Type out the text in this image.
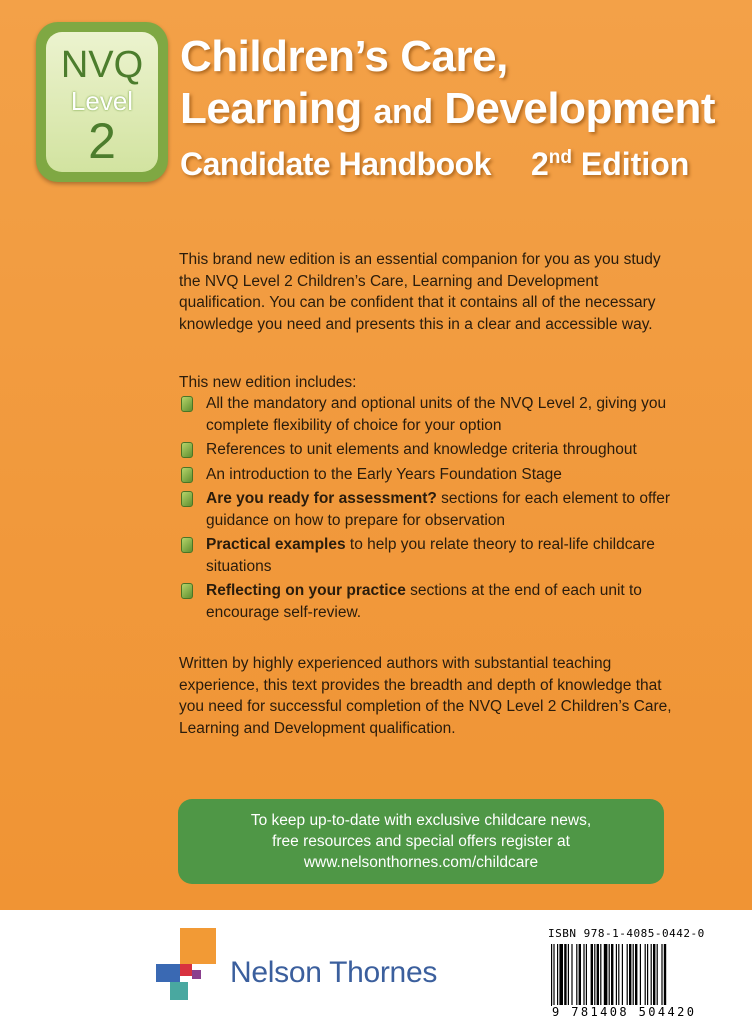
NVQ
Level
2
Children’s Care,
Learning and Development
Candidate Handbook 2nd Edition
This brand new edition is an essential companion for you as you study the NVQ Level 2 Children’s Care, Learning and Development qualification. You can be confident that it contains all of the necessary knowledge you need and presents this in a clear and accessible way.
This new edition includes:
All the mandatory and optional units of the NVQ Level 2, giving you complete flexibility of choice for your option
References to unit elements and knowledge criteria throughout
An introduction to the Early Years Foundation Stage
Are you ready for assessment? sections for each element to offer guidance on how to prepare for observation
Practical examples to help you relate theory to real-life childcare situations
Reflecting on your practice sections at the end of each unit to encourage self-review.
Written by highly experienced authors with substantial teaching experience, this text provides the breadth and depth of knowledge that you need for successful completion of the NVQ Level 2 Children’s Care, Learning and Development qualification.
To keep up-to-date with exclusive childcare news,
free resources and special offers register at
www.nelsonthornes.com/childcare
Nelson Thornes
ISBN 978-1-4085-0442-0
9 781408 504420
